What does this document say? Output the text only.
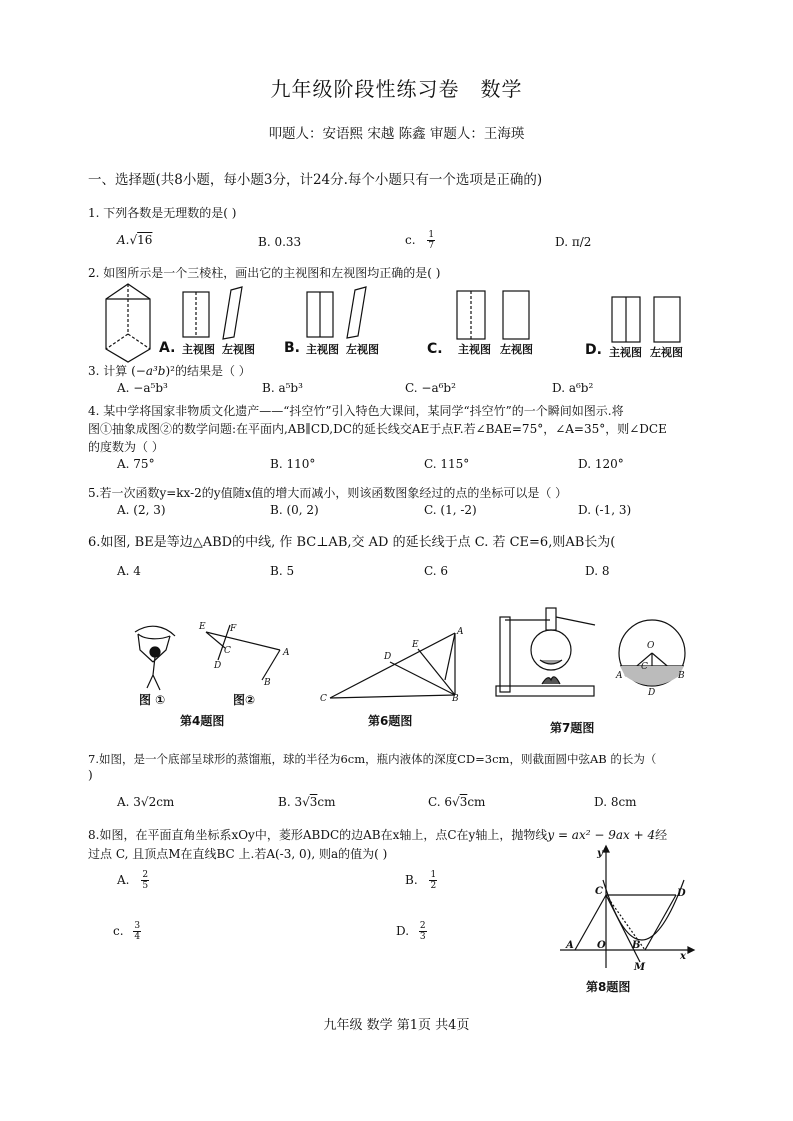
九年级阶段性练习卷　数学
叩题人：安语熙 宋越 陈鑫 审题人：王海瑛
一、选择题(共8小题，每小题3分，计24分.每个小题只有一个选项是正确的)
1. 下列各数是无理数的是( )
A.√16	B. 0.33	c. $\frac{1}{7}$	D. π/2
2. 如图所示是一个三棱柱，画出它的主视图和左视图均正确的是( )
A. 主视图 左视图 B. 主视图 左视图	C. 主视图 左视图	D. 主视图 左视图
3. 计算 (−a³b)²的结果是（ ）
A. −a⁵b³	B. a⁵b³	C. −a⁶b²	D. a⁶b²
4. 某中学将国家非物质文化遗产——“抖空竹”引入特色大课间，某同学“抖空竹”的一个瞬间如图示.将
图①抽象成图②的数学问题:在平面内,AB∥CD,DC的延长线交AE于点F.若∠BAE=75°，∠A=35°，则∠DCE
的度数为（ ）
A. 75°	B. 110°	C. 115°	D. 120°
5.若一次函数y=kx-2的y值随x值的增大而减小，则该函数图象经过的点的坐标可以是（ ）
A. (2, 3)	B. (0, 2)	C. (1, -2)	D. (-1, 3)
6.如图, BE是等边△ABD的中线, 作 BC⊥AB,交 AD 的延长线于点 C. 若 CE=6,则AB长为(
A. 4	B. 5	C. 6	D. 8
E	F
C
D
A
B
图 ①	图②
第4题图
A
E
D
C	B
第6题图
O
C
A	B
D
第7题图
7.如图，是一个底部呈球形的蒸馏瓶，球的半径为6cm，瓶内液体的深度CD=3cm，则截面圆中弦AB 的长为（
)
A. 3√2cm	B. 3√3cm	C. 6√3cm	D. 8cm
8.如图，在平面直角坐标系xOy中，菱形ABDC的边AB在x轴上，点C在y轴上，抛物线y = ax² − 9ax + 4经
过点 C, 且顶点M在直线BC 上.若A(-3, 0), 则a的值为( )
A. $\frac{2}{5}$	B. $\frac{1}{2}$
c. $\frac{3}{4}$	D. $\frac{2}{3}$
y
C	D
A O	B
M
x
第8题图
九年级 数学 第1页 共4页
